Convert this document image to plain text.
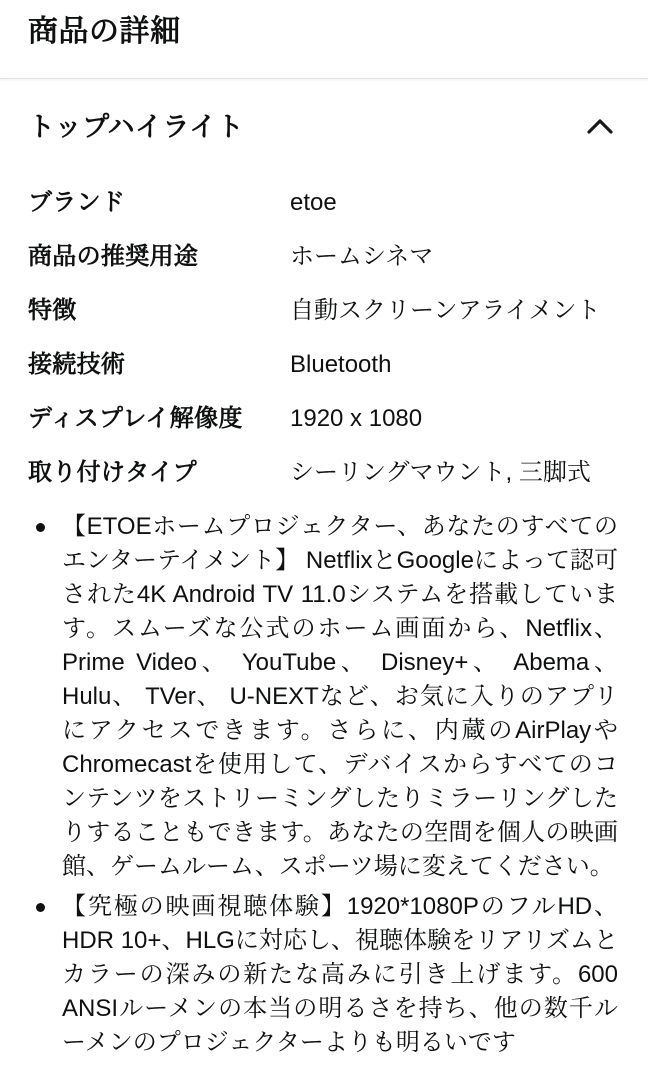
商品の詳細
トップハイライト
ブランド	etoe
商品の推奨用途	ホームシネマ
特徴	自動スクリーンアライメント
接続技術	Bluetooth
ディスプレイ解像度	1920 x 1080
取り付けタイプ	シーリングマウント, 三脚式
【ETOEホームプロジェクター、あなたのすべてのエンターテイメント】 NetflixとGoogleによって認可された4K Android TV 11.0システムを搭載しています。スムーズな公式のホーム画面から、Netflix、 Prime Video、 YouTube、 Disney+、 Abema、 Hulu、 TVer、 U-NEXTなど、お気に入りのアプリにアクセスできます。さらに、内蔵のAirPlayやChromecastを使用して、デバイスからすべてのコンテンツをストリーミングしたりミラーリングしたりすることもできます。あなたの空間を個人の映画館、ゲームルーム、スポーツ場に変えてください。
【究極の映画視聴体験】1920*1080PのフルHD、HDR 10+、HLGに対応し、視聴体験をリアリズムとカラーの深みの新たな高みに引き上げます。600 ANSIルーメンの本当の明るさを持ち、他の数千ルーメンのプロジェクターよりも明るいです
